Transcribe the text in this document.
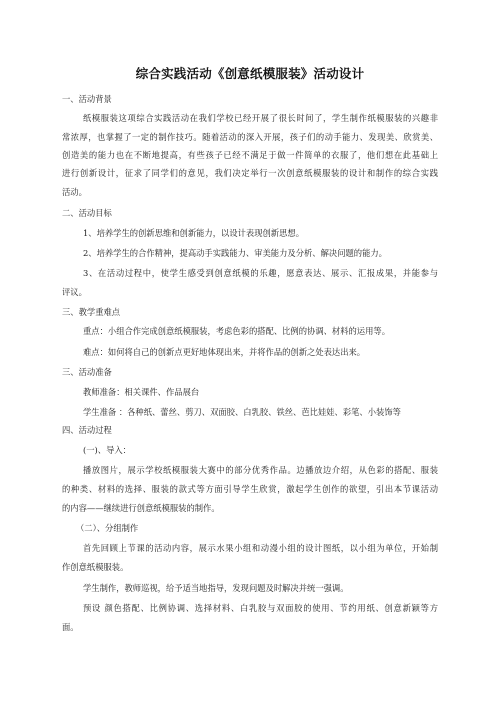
综合实践活动《创意纸模服装》活动设计
一、活动背景
纸模服装这项综合实践活动在我们学校已经开展了很长时间了，学生制作纸模服装的兴趣非
常浓厚，也掌握了一定的制作技巧。随着活动的深入开展，孩子们的动手能力、发现美、欣赏美、
创造美的能力也在不断地提高，有些孩子已经不满足于做一件简单的衣服了，他们想在此基础上
进行创新设计，征求了同学们的意见，我们决定举行一次创意纸模服装的设计和制作的综合实践
活动。
二、活动目标
1、培养学生的创新思维和创新能力，以设计表现创新思想。
2、培养学生的合作精神，提高动手实践能力、审美能力及分析、解决问题的能力。
3、在活动过程中，使学生感受到创意纸模的乐趣，愿意表达、展示、汇报成果，并能参与
评议。
三、教学重难点
重点：小组合作完成创意纸模服装，考虑色彩的搭配、比例的协调、材料的运用等。
难点：如何将自己的创新点更好地体现出来，并将作品的创新之处表达出来。
三、活动准备
教师准备：相关课件、作品展台
学生准备 ：各种纸、蕾丝、剪刀、双面胶、白乳胶、铁丝、芭比娃娃、彩笔、小装饰等
四、活动过程
(一)、导入：
播放图片，展示学校纸模服装大赛中的部分优秀作品。边播放边介绍，从色彩的搭配、服装
的种类、材料的选择、服装的款式等方面引导学生欣赏，激起学生创作的欲望，引出本节课活动
的内容——继续进行创意纸模服装的制作。
（二）、分组制作
首先回顾上节课的活动内容，展示水果小组和动漫小组的设计图纸，以小组为单位，开始制
作创意纸模服装。
学生制作，教师巡视，给予适当地指导，发现问题及时解决并统一强调。
预设 颜色搭配、比例协调、选择材料、白乳胶与双面胶的使用、节约用纸、创意新颖等方
面。
